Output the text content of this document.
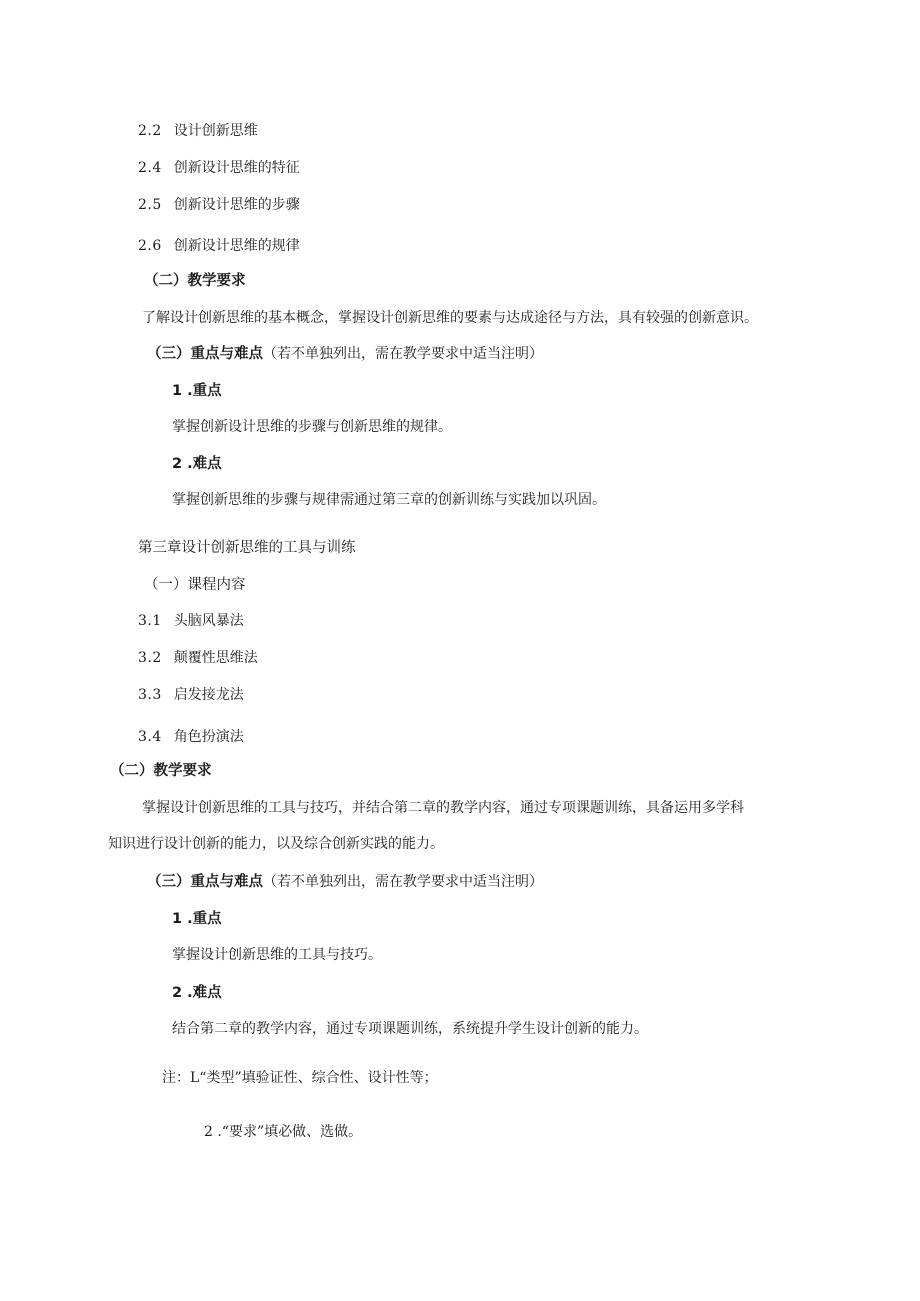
2.2 设计创新思维
2.4 创新设计思维的特征
2.5 创新设计思维的步骤
2.6 创新设计思维的规律
（二）教学要求
了解设计创新思维的基本概念，掌握设计创新思维的要素与达成途径与方法，具有较强的创新意识。
（三）重点与难点（若不单独列出，需在教学要求中适当注明）
1 .重点
掌握创新设计思维的步骤与创新思维的规律。
2 .难点
掌握创新思维的步骤与规律需通过第三章的创新训练与实践加以巩固。
第三章设计创新思维的工具与训练
（一）课程内容
3.1 头脑风暴法
3.2 颠覆性思维法
3.3 启发接龙法
3.4 角色扮演法
（二）教学要求
掌握设计创新思维的工具与技巧，并结合第二章的教学内容，通过专项课题训练，具备运用多学科
知识进行设计创新的能力，以及综合创新实践的能力。
（三）重点与难点（若不单独列出，需在教学要求中适当注明）
1 .重点
掌握设计创新思维的工具与技巧。
2 .难点
结合第二章的教学内容，通过专项课题训练，系统提升学生设计创新的能力。
注：L“类型”填验证性、综合性、设计性等；
2 .“要求”填必做、选做。
